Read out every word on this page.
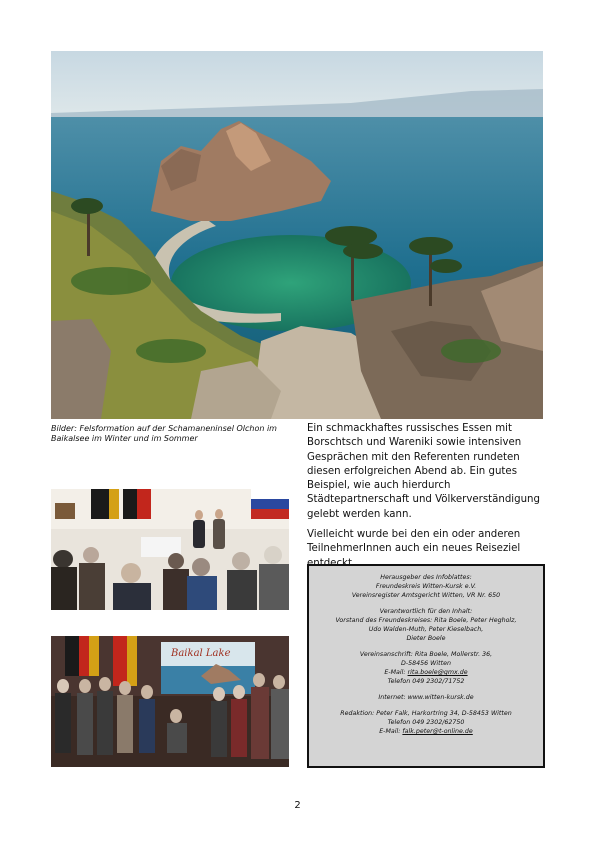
Bilder: Felsformation auf der Schamaneninsel Olchon im
Baikalsee im Winter und im Sommer

Ein schmackhaftes russisches Essen mit Borschtsch und Wareniki sowie intensiven Gesprächen mit den Referenten rundeten diesen erfolgreichen Abend ab. Ein gutes Beispiel, wie auch hierdurch Städtepartnerschaft und Völkerverständigung gelebt werden kann.

Vielleicht wurde bei den ein oder anderen TeilnehmerInnen auch ein neues Reiseziel

Baikal Lake
Herausgeber des Infoblattes:
Freundeskreis Witten-Kursk e.V.
Vereinsregister Amtsgericht Witten, VR Nr. 650
Verantwortlich für den Inhalt:
Vorstand des Freundeskreises: Rita Boele, Peter Hegholz,
Udo Walden-Muth, Peter Kieselbach,
Dieter Boele
Vereinsanschrift: Rita Boele, Mollerstr. 36,
D-58456 Witten
E-Mail: rita.boele@gmx.de
Telefon 049 2302/71752
Internet: www.witten-kursk.de
Redaktion: Peter Falk, Harkortring 34, D-58453 Witten
Telefon 049 2302/62750
E-Mail: falk.peter@t-online.de
2
